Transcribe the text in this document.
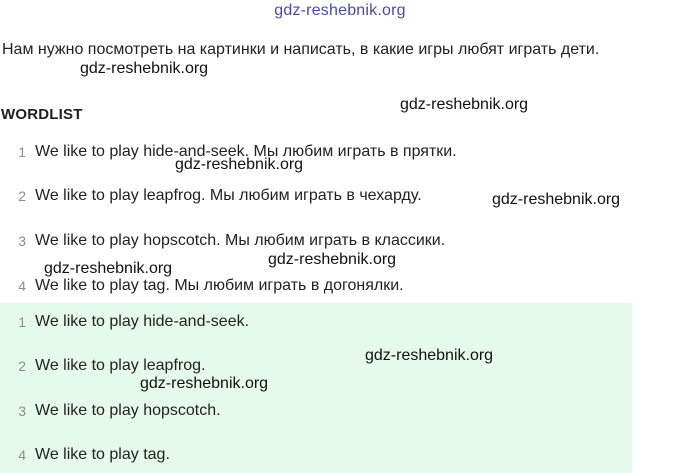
gdz-reshebnik.org
Нам нужно посмотреть на картинки и написать, в какие игры любят играть дети.
WORDLIST
1 We like to play hide-and-seek. Мы любим играть в прятки.
2 We like to play leapfrog. Мы любим играть в чехарду.
3 We like to play hopscotch. Мы любим играть в классики.
4 We like to play tag. Мы любим играть в догонялки.
1 We like to play hide-and-seek.
2 We like to play leapfrog.
3 We like to play hopscotch.
4 We like to play tag.
gdz-reshebnik.org
gdz-reshebnik.org
gdz-reshebnik.org
gdz-reshebnik.org
gdz-reshebnik.org
gdz-reshebnik.org
gdz-reshebnik.org
gdz-reshebnik.org
